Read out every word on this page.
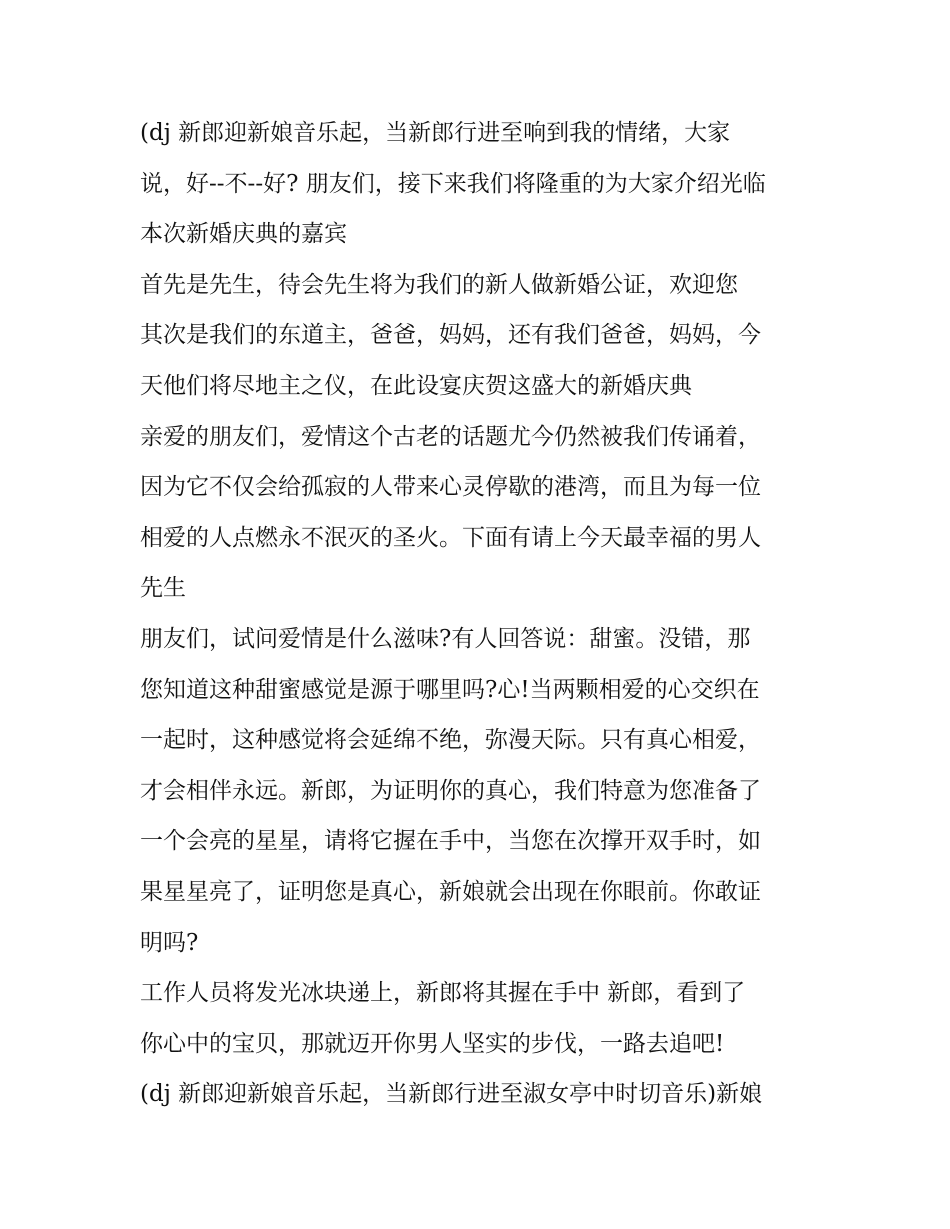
(dj 新郎迎新娘音乐起，当新郎行进至响到我的情绪，大家
说，好--不--好? 朋友们，接下来我们将隆重的为大家介绍光临
本次新婚庆典的嘉宾
首先是先生，待会先生将为我们的新人做新婚公证，欢迎您
其次是我们的东道主，爸爸，妈妈，还有我们爸爸，妈妈，今
天他们将尽地主之仪，在此设宴庆贺这盛大的新婚庆典
亲爱的朋友们，爱情这个古老的话题尤今仍然被我们传诵着，
因为它不仅会给孤寂的人带来心灵停歇的港湾，而且为每一位
相爱的人点燃永不泯灭的圣火。下面有请上今天最幸福的男人
先生
朋友们，试问爱情是什么滋味?有人回答说：甜蜜。没错，那
您知道这种甜蜜感觉是源于哪里吗?心!当两颗相爱的心交织在
一起时，这种感觉将会延绵不绝，弥漫天际。只有真心相爱，
才会相伴永远。新郎，为证明你的真心，我们特意为您准备了
一个会亮的星星，请将它握在手中，当您在次撑开双手时，如
果星星亮了，证明您是真心，新娘就会出现在你眼前。你敢证
明吗?
工作人员将发光冰块递上，新郎将其握在手中 新郎，看到了
你心中的宝贝，那就迈开你男人坚实的步伐，一路去追吧!
(dj 新郎迎新娘音乐起，当新郎行进至淑女亭中时切音乐)新娘
